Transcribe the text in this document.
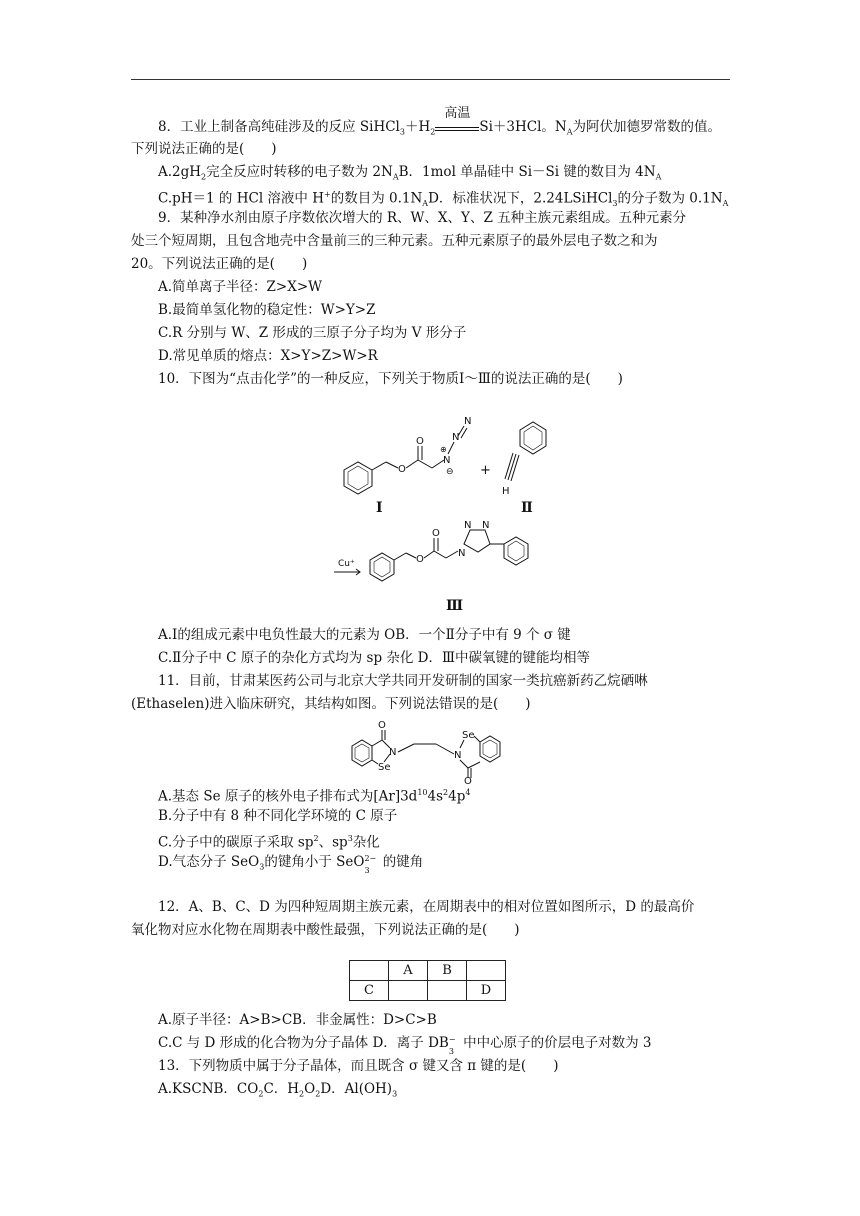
8．工业上制备高纯硅涉及的反应 $SiHCl_3+H_2$
高温
Si＋3HCl。$N_A$为阿伏加德罗常数的值。
下列说法正确的是(　　)
$A.2gH_2$完全反应时转移的电子数为 $2N_AB$．1mol 单晶硅中 Si－Si 键的数目为 $4N_A$
C.pH＝1 的 HCl 溶液中 H+的数目为 $0.1N_AD$．标准状况下，2.24LSiHCl$_3$的分子数为 $0.1N_A$
9．某种净水剂由原子序数依次增大的 R、W、X、Y、Z 五种主族元素组成。五种元素分
处三个短周期，且包含地壳中含量前三的三种元素。五种元素原子的最外层电子数之和为
20。下列说法正确的是(　　)
A.简单离子半径：Z>X>W
B.最简单氢化物的稳定性：W>Y>Z
C.R 分别与 W、Z 形成的三原子分子均为 V 形分子
D.常见单质的熔点：X>Y>Z>W>R
10．下图为“点击化学”的一种反应，下列关于物质Ⅰ～Ⅲ的说法正确的是(　　)
O
O
N
⊕
N
N
⊖ +
H
O
O
N
N N
Cu⁺
Ⅰ	Ⅱ
Ⅲ
A.Ⅰ的组成元素中电负性最大的元素为 OB．一个Ⅱ分子中有 9 个 σ 键
C.Ⅱ分子中 C 原子的杂化方式均为 sp 杂化 D．Ⅲ中碳氧键的键能均相等
11．目前，甘肃某医药公司与北京大学共同开发研制的国家一类抗癌新药乙烷硒啉
(Ethaselen)进入临床研究，其结构如图。下列说法错误的是(　　)
O
N
Se
N
Se
O
A.基态 Se 原子的核外电子排布式为$[Ar]3d^{10}4s^24p^4$
B.分子中有 8 种不同化学环境的 C 原子
C.分子中的碳原子采取 $sp^2$、$sp^3$杂化
D.气态分子 SeO$_3$的键角小于 SeO 2−
3
的键角
12．A、B、C、D 为四种短周期主族元素，在周期表中的相对位置如图所示，D 的最高价
氧化物对应水化物在周期表中酸性最强，下列说法正确的是(　　)
	A	B	
C			D
A.原子半径：A>B>CB．非金属性：D>C>B
C.C 与 D 形成的化合物为分子晶体 D．离子 DB −
3
中中心原子的价层电子对数为 3
13．下列物质中属于分子晶体，而且既含 σ 键又含 π 键的是(　　)
A.KSCNB．$CO_2C$．$H_2O_2D$．$Al(OH)_3$
